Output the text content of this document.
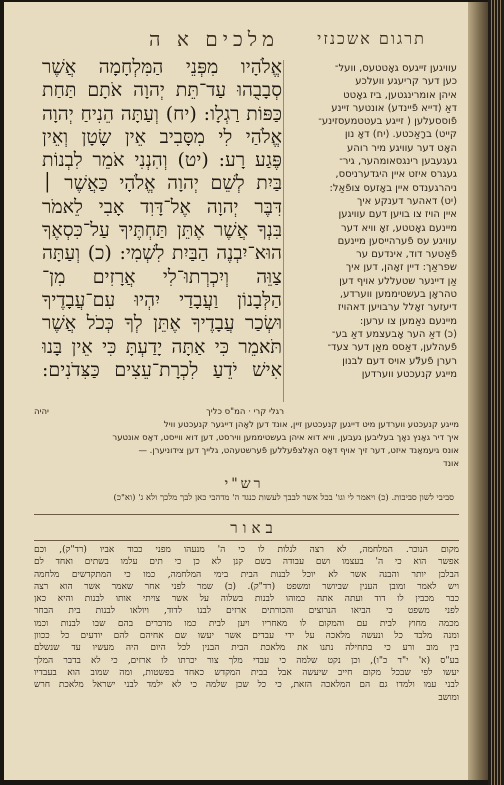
תרגום אשכנזי
מלכים א ה

עוויגען זייגעס גאָטטעס, וועל־

כען דער קריעגע וועלכע

איהן אומרינגטען, ביז גאָטט

דאַ (דייא פֿיינדע) אונטער זיינע

פֿוססעלען ( זייגע בעטטמעסזינע־

קייט) ברָאַכטע. (יח) דאָ נון

האָט דער עוויגע מיר רוהע

געגעבען רינגסאומהער, גיר־

געגרס איזט איין היגדערניסס,

ניהרגענדס איין באָזעס צופֿאַל:

(יט) דאהער דענקע איך

איין הויז צו בויען דעם עוויגען

מיינעם גאָטטע, זאָ וויא דער

עוויגע עס פֿערהייסען מיינעם

פֿאַטער דוד, אינדעם ער

שפראַך: דיין זאָהן, דען איך

אַן דיינער שטעללע אויף דען

טהראָן בעשטיממען ווערדע,

דיעזער זאָלל ערבויען דאהויז

מיינעם נאַמען צו ערען:

(כ) דאַ הער אָבעצמע דאַ בע־

פֿעהלען, דאַסס מאַן דער צעד־

רערן פֿעלֿע אויס דעם לבנון

מייגע קנעכטע ווערדען

אֱלֹהָיו מִפְּנֵי הַמִּלְחָמָה אֲשֶׁר

סְבָבֻהוּ עַד־תֵּת יְהוָה אֹתָם תַּחַת

כַּפּוֹת רַגְלָו: (יח) וְעַתָּה הֵנִיחַ יְהוָה

אֱלֹהַי לִי מִסָּבִיב אֵין שָׂטָן וְאֵין

פֶּגַע רָע: (יט) וְהִנְנִי אֹמֵר לִבְנוֹת

בַּיִת לְשֵׁם יְהוָה אֱלֹהָי כַּאֲשֶׁר ׀

דִּבֶּר יְהוָה אֶל־דָּוִד אָבִי לֵאמֹר

בִּנְךָ אֲשֶׁר אֶתֵּן תַּחְתֶּיךָ עַל־כִּסְאֶךָ

הוּא־יִבְנֶה הַבַּיִת לִשְׁמִי: (כ) וְעַתָּה

צַוֵּה וְיִכְרְתוּ־לִי אֲרָזִים מִן־

הַלְּבָנוֹן וַעֲבָדַי יִהְיוּ עִם־עֲבָדֶיךָ

וּשְׂכַר עֲבָדֶיךָ אֶתֵּן לְךָ כְּכֹל אֲשֶׁר

תֹּאמֵר כִּי אַתָּה יָדַעְתָּ כִּי אֵין בָּנוּ

אִישׁ יֹדֵעַ לִכְרָת־עֵצִים כַּצִּדֹנִים:

יהיה	רגלי קרי · המ"ס כליך
מייגע קנעכטע ווערדען מיט דייגען קנעכטען זיין, אונד דען לאָהן דייגער קנעכטע וויל
איך דיר גאַנץ נאָך בעליבען געבען, וויא דוא איהן בעשטיממען ווירסט, דען דוא ווייסט, דאַס אונטער
אונס גיעמאַנד איזט, דער זיך אויף דאָס האָלצפֿעללען פֿערשטעהט, גלייך דען צידוניערן. —
אונד
רש"י
סביבי לשון סביבות. (כ) ויאמר לי וגו' בכל אשר לבבך לעשות כנגד ה' מדהבי כאן לבך מלכך ולא ג' (וא"כ)
באור

מקום הנוכר. המלחמה, לא רצה לנלות לו כי ה' מנעהו מפני כבוד אביו (רד"ק), וכם

אפשר הוא כי ה' בעצמו ושם עבודה בשם קנן לא כן כי תים עלמו בשתים ואחד לם

הבלבן יותר והבנה אשר לא יוכל לבנות הבית בימי המלחמה, כמו כי המתקדשים מלחמה

ויש לאמר ומובן הענין שביושר ומשפט (רד"ק). (כ) שמר לפני אחר שאמר אשר הוא רצה

כבר מכבין לו דוד ועתה אתה כמוהו לבנות בשלוה על אשר צויתי אותו לבנות והיא כאן

לפני משפט כי הביאו הנרוצים והכורתים ארזים לבנו לדוד, ויולאו לבנות בית הבחר

מכמה מחוץ לבית עם והמקום לו מאחריו ויען לבית כמו מדברים בהם שבו לבנות וכמו

ומנה מלבד כל ונעשה מלאכה על ידי עבדים אשר יעשו שם אחיהם להם יודעים כל ככוון

בין מוב ורע כי בתחילה נתנו את מלאכת הבית הבנין לכל היום היה מעשיו עד שנשלם

בע"ס (א' י"ד כ"ו), וכן נקט שלמה כי עבדי מלך צור יכרתו לו ארזים, כי לא בדבר המלך

יעשו לפי שבכל מקום חייב שיעשה אבל בבית המקדש כאחד בפשטות, ומה שמוב הוא בעבדיו

לבני עמו ולמדו גם הם המלאכה הזאת, כי כל שכן שלמה כי לא ילמד לבני ישראל מלאכת חרש

ומושב
